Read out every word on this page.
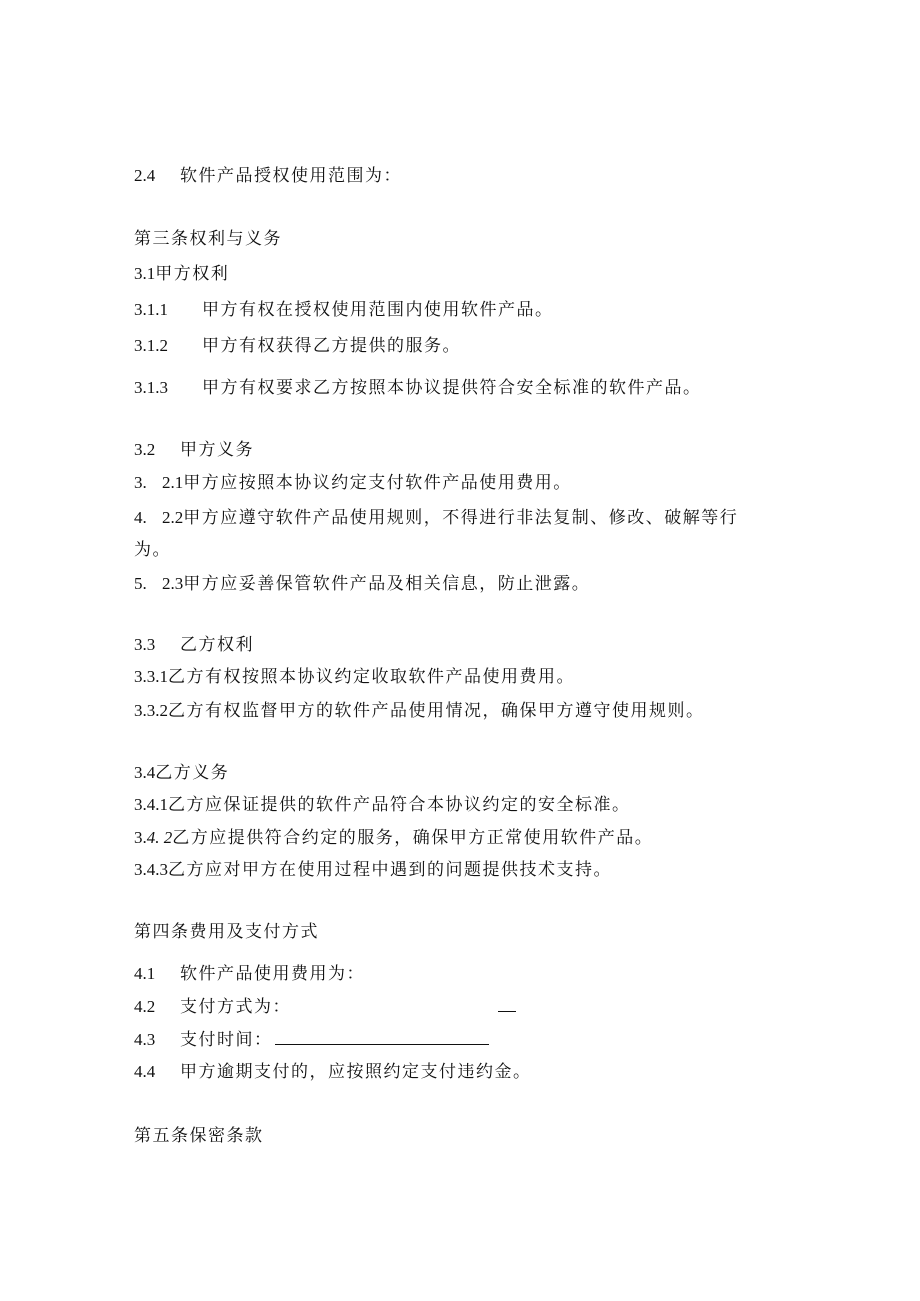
2.4 软件产品授权使用范围为：
第三条权利与义务
3.1甲方权利
3.1.1 甲方有权在授权使用范围内使用软件产品。
3.1.2 甲方有权获得乙方提供的服务。
3.1.3 甲方有权要求乙方按照本协议提供符合安全标准的软件产品。
3.2 甲方义务
3. 2.1甲方应按照本协议约定支付软件产品使用费用。
4. 2.2甲方应遵守软件产品使用规则，不得进行非法复制、修改、破解等行
为。
5. 2.3甲方应妥善保管软件产品及相关信息，防止泄露。
3.3 乙方权利
3.3.1乙方有权按照本协议约定收取软件产品使用费用。
3.3.2乙方有权监督甲方的软件产品使用情况，确保甲方遵守使用规则。
3.4乙方义务
3.4.1乙方应保证提供的软件产品符合本协议约定的安全标准。
3.4. 2乙方应提供符合约定的服务，确保甲方正常使用软件产品。
3.4.3乙方应对甲方在使用过程中遇到的问题提供技术支持。
第四条费用及支付方式
4.1 软件产品使用费用为：
4.2 支付方式为：
4.3 支付时间：
4.4 甲方逾期支付的，应按照约定支付违约金。
第五条保密条款
